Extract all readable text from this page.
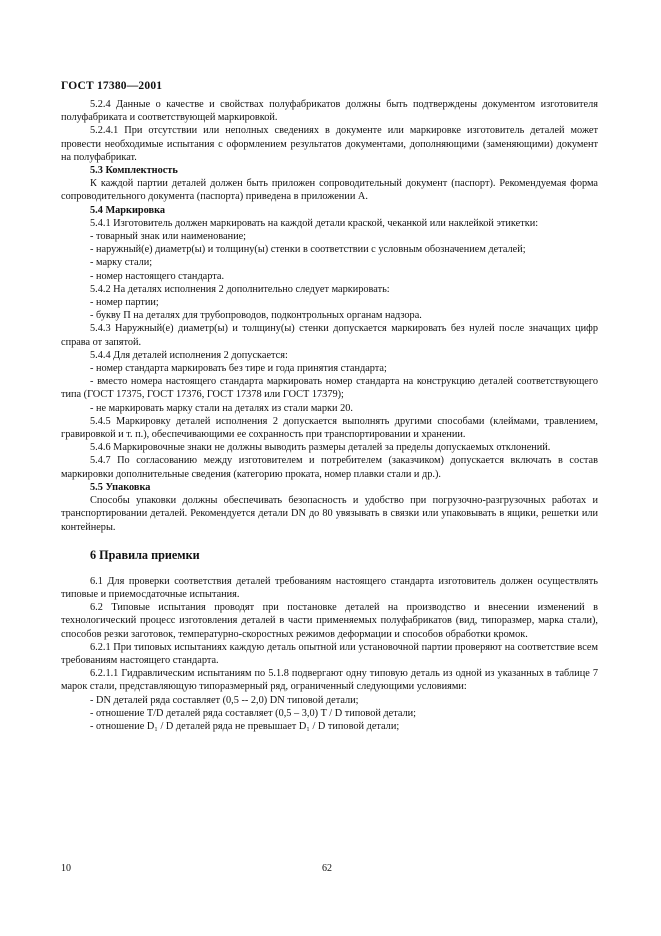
ГОСТ 17380—2001

5.2.4 Данные о качестве и свойствах полуфабрикатов должны быть подтверждены документом изготовителя полуфабриката и соответствующей маркировкой.

5.2.4.1 При отсутствии или неполных сведениях в документе или маркировке изготовитель деталей может провести необходимые испытания с оформлением результатов документами, дополняющими (заменяющими) документ на полуфабрикат.

5.3 Комплектность

К каждой партии деталей должен быть приложен сопроводительный документ (паспорт). Рекомендуемая форма сопроводительного документа (паспорта) приведена в приложении А.

5.4 Маркировка

5.4.1 Изготовитель должен маркировать на каждой детали краской, чеканкой или наклейкой этикетки:

- товарный знак или наименование;

- наружный(е) диаметр(ы) и толщину(ы) стенки в соответствии с условным обозначением деталей;

- марку стали;

- номер настоящего стандарта.

5.4.2 На деталях исполнения 2 дополнительно следует маркировать:

- номер партии;

- букву П на деталях для трубопроводов, подконтрольных органам надзора.

5.4.3 Наружный(е) диаметр(ы) и толщину(ы) стенки допускается маркировать без нулей после значащих цифр справа от запятой.

5.4.4 Для деталей исполнения 2 допускается:

- номер стандарта маркировать без тире и года принятия стандарта;

- вместо номера настоящего стандарта маркировать номер стандарта на конструкцию деталей соответствующего типа (ГОСТ 17375, ГОСТ 17376, ГОСТ 17378 или ГОСТ 17379);

- не маркировать марку стали на деталях из стали марки 20.

5.4.5 Маркировку деталей исполнения 2 допускается выполнять другими способами (клеймами, травлением, гравировкой и т. п.), обеспечивающими ее сохранность при транспортировании и хранении.

5.4.6 Маркировочные знаки не должны выводить размеры деталей за пределы допускаемых отклонений.

5.4.7 По согласованию между изготовителем и потребителем (заказчиком) допускается включать в состав маркировки дополнительные сведения (категорию проката, номер плавки стали и др.).

5.5 Упаковка

Способы упаковки должны обеспечивать безопасность и удобство при погрузочно-разгрузочных работах и транспортировании деталей. Рекомендуется детали DN до 80 увязывать в связки или упаковывать в ящики, решетки или контейнеры.

6 Правила приемки

6.1 Для проверки соответствия деталей требованиям настоящего стандарта изготовитель должен осуществлять типовые и приемосдаточные испытания.

6.2 Типовые испытания проводят при постановке деталей на производство и внесении изменений в технологический процесс изготовления деталей в части применяемых полуфабрикатов (вид, типоразмер, марка стали), способов резки заготовок, температурно-скоростных режимов деформации и способов обработки кромок.

6.2.1 При типовых испытаниях каждую деталь опытной или установочной партии проверяют на соответствие всем требованиям настоящего стандарта.

6.2.1.1 Гидравлическим испытаниям по 5.1.8 подвергают одну типовую деталь из одной из указанных в таблице 7 марок стали, представляющую типоразмерный ряд, ограниченный следующими условиями:

- DN деталей ряда составляет (0,5 -- 2,0) DN типовой детали;

- отношение T/D деталей ряда составляет (0,5 – 3,0) T / D типовой детали;

- отношение D₁ / D деталей ряда не превышает D₁ / D типовой детали;

10	62
